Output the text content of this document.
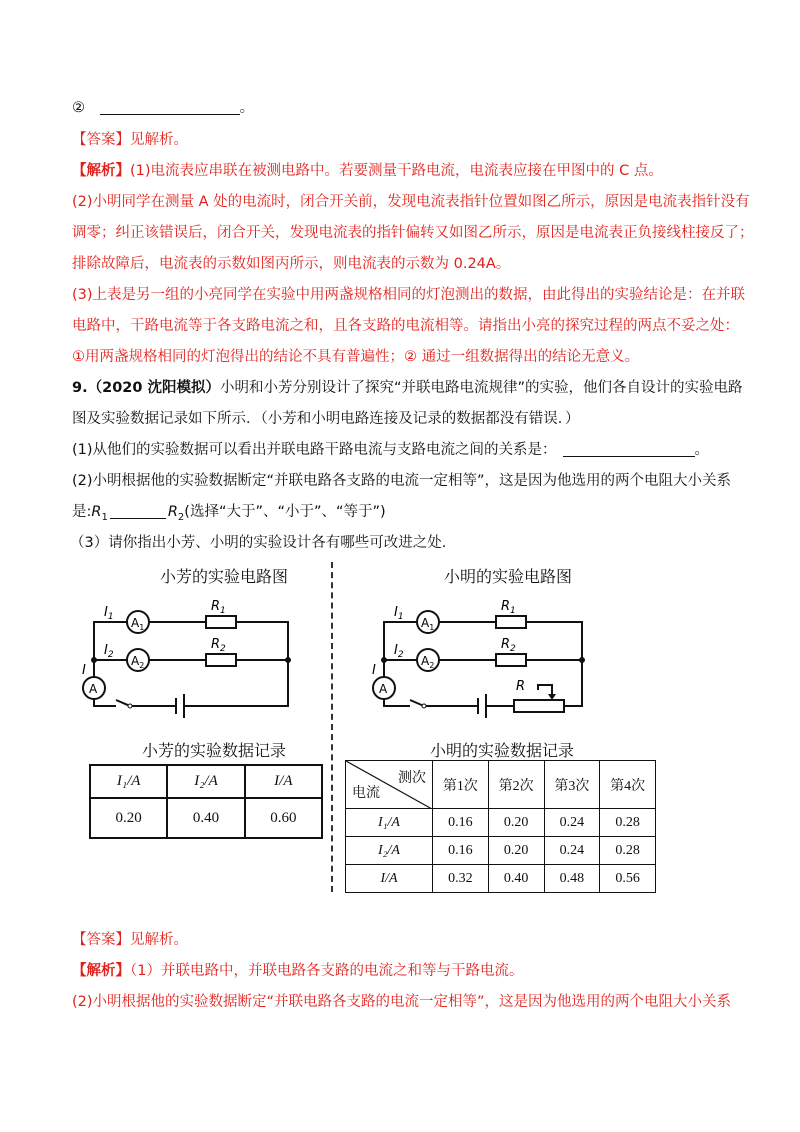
②	。
【答案】见解析。
【解析】(1)电流表应串联在被测电路中。若要测量干路电流，电流表应接在甲图中的 C 点。
(2)小明同学在测量 A 处的电流时，闭合开关前，发现电流表指针位置如图乙所示，原因是电流表指针没有
调零；纠正该错误后，闭合开关，发现电流表的指针偏转又如图乙所示，原因是电流表正负接线柱接反了；
排除故障后，电流表的示数如图丙所示，则电流表的示数为 0.24A。
(3)上表是另一组的小亮同学在实验中用两盏规格相同的灯泡测出的数据，由此得出的实验结论是：在并联
电路中，干路电流等于各支路电流之和，且各支路的电流相等。请指出小亮的探究过程的两点不妥之处：
①用两盏规格相同的灯泡得出的结论不具有普遍性；② 通过一组数据得出的结论无意义。
9.（2020 沈阳模拟）小明和小芳分别设计了探究“并联电路电流规律”的实验，他们各自设计的实验电路
图及实验数据记录如下所示．（小芳和小明电路连接及记录的数据都没有错误．）
(1)从他们的实验数据可以看出并联电路干路电流与支路电流之间的关系是：	。
(2)小明根据他的实验数据断定“并联电路各支路的电流一定相等”，这是因为他选用的两个电阻大小关系
是$:R_1$	$R_2$(选择“大于”、“小于”、“等于”)
（3）请你指出小芳、小明的实验设计各有哪些可改进之处.
小芳的实验电路图	小明的实验电路图
$I_1$
$I_2$
I
$A_1$
$A_2$
A
$R_1$
$R_2$
$I_1$
$I_2$
I
$A_1$
$A_2$
A
$R_1$
$R_2$
R
小芳的实验数据记录	小明的实验数据记录
I₁/A	I₂/A	I/A
0.20	0.40	0.60
测次
电流	第1次	第2次	第3次	第4次
I₁/A	0.16	0.20	0.24	0.28
I₂/A	0.16	0.20	0.24	0.28
I/A	0.32	0.40	0.48	0.56
【答案】见解析。
【解析】（1）并联电路中，并联电路各支路的电流之和等与干路电流。
(2)小明根据他的实验数据断定“并联电路各支路的电流一定相等”，这是因为他选用的两个电阻大小关系
